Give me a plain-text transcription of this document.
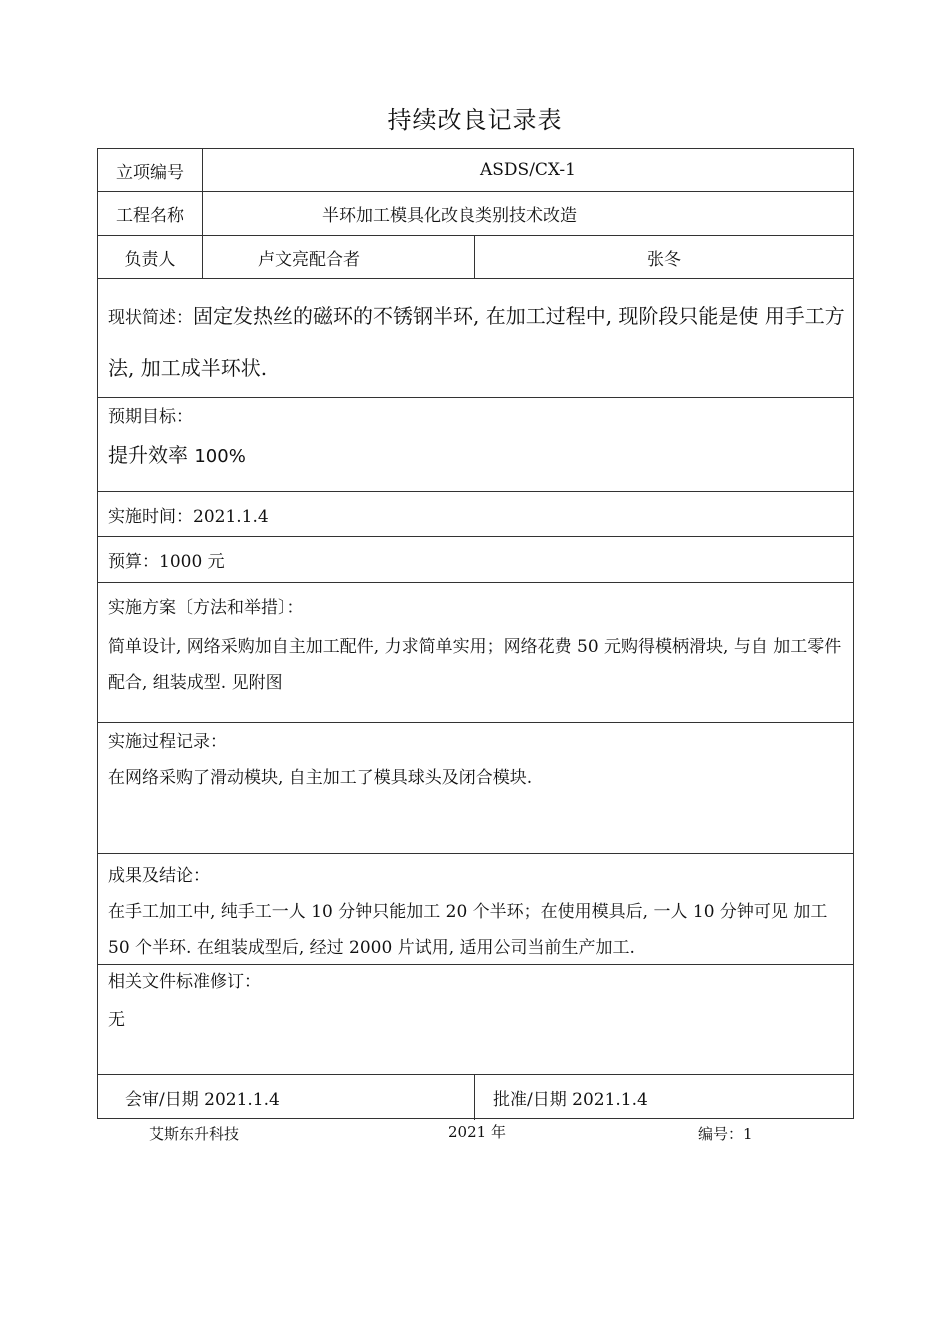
持续改良记录表
立项编号	ASDS/CX-1
工程名称	半环加工模具化改良类别技术改造
负责人	卢文亮配合者	张冬
现状简述：固定发热丝的磁环的不锈钢半环, 在加工过程中, 现阶段只能是使 用手工方法, 加工成半环状.
预期目标：
提升效率 100%
实施时间：2021.1.4
预算：1000 元
实施方案〔方法和举措〕：
简单设计, 网络采购加自主加工配件, 力求简单实用；网络花费 50 元购得模柄滑块, 与自 加工零件配合, 组装成型. 见附图
实施过程记录：
在网络采购了滑动模块, 自主加工了模具球头及闭合模块.
成果及结论：
在手工加工中, 纯手工一人 10 分钟只能加工 20 个半环；在使用模具后, 一人 10 分钟可见 加工 50 个半环. 在组装成型后, 经过 2000 片试用, 适用公司当前生产加工.
相关文件标准修订：
无
会审/日期 2021.1.4	批准/日期 2021.1.4
艾斯东升科技	2021 年	编号：1
